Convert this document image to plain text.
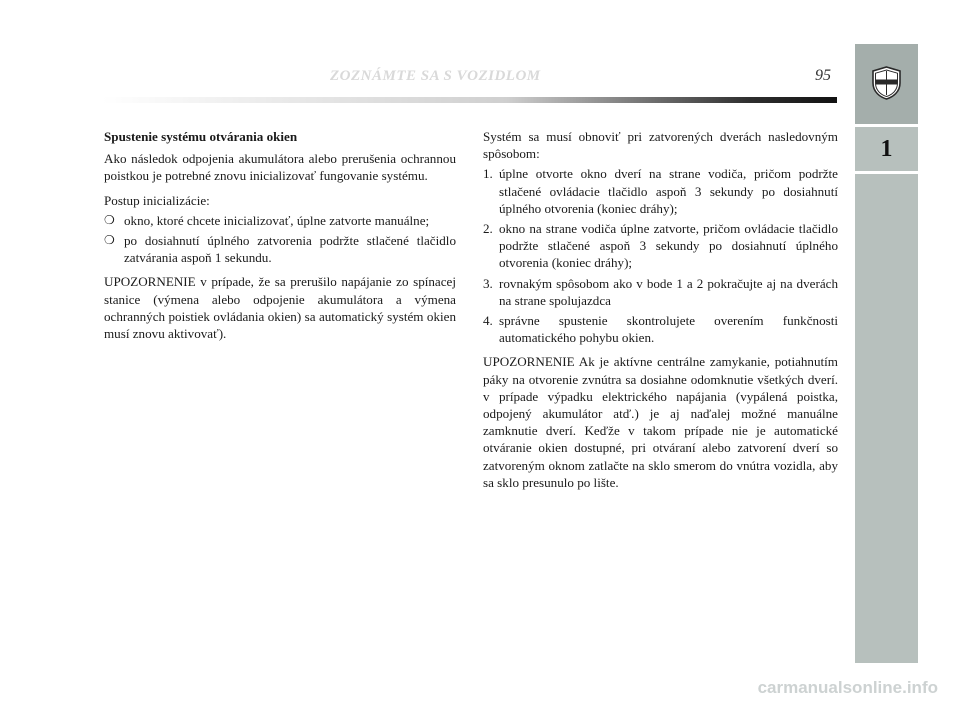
ZOZNÁMTE SA S VOZIDLOM	95
1

Spustenie systému otvárania okien

Ako následok odpojenia akumulátora alebo prerušenia ochrannou poistkou je potrebné znovu inicializovať fungovanie systému.

Postup inicializácie:

❍ okno, ktoré chcete inicializovať, úplne zatvorte manuálne;
❍ po dosiahnutí úplného zatvorenia podržte stlačené tlačidlo zatvárania aspoň 1 sekundu.

UPOZORNENIE v prípade, že sa prerušilo napájanie zo spínacej stanice (výmena alebo odpojenie akumulátora a výmena ochranných poistiek ovládania okien) sa automatický systém okien musí znovu aktivovať).

Systém sa musí obnoviť pri zatvorených dverách nasledovným spôsobom:

1. úplne otvorte okno dverí na strane vodiča, pričom podržte stlačené ovládacie tlačidlo aspoň 3 sekundy po dosiahnutí úplného otvorenia (koniec dráhy);
2. okno na strane vodiča úplne zatvorte, pričom ovládacie tlačidlo podržte stlačené aspoň 3 sekundy po dosiahnutí úplného otvorenia (koniec dráhy);
3. rovnakým spôsobom ako v bode 1 a 2 pokračujte aj na dverách na strane spolujazdca
4. správne spustenie skontrolujete overením funkčnosti automatického pohybu okien.

UPOZORNENIE Ak je aktívne centrálne zamykanie, potiahnutím páky na otvorenie zvnútra sa dosiahne odomknutie všetkých dverí. v prípade výpadku elektrického napájania (vypálená poistka, odpojený akumulátor atď.) je aj naďalej možné manuálne zamknutie dverí. Keďže v takom prípade nie je automatické otváranie okien dostupné, pri otváraní alebo zatvorení dverí so zatvoreným oknom zatlačte na sklo smerom do vnútra vozidla, aby sa sklo presunulo po lište.

carmanualsonline.info
